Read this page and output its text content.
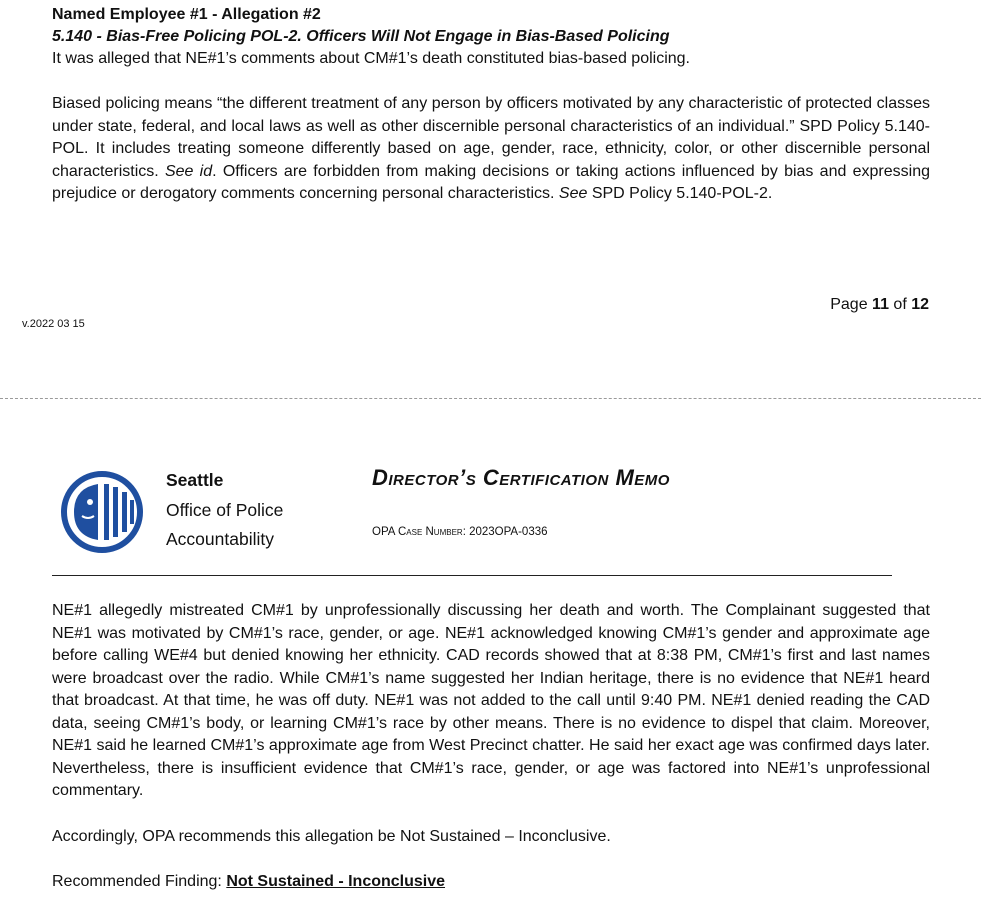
Named Employee #1 - Allegation #2
5.140 - Bias-Free Policing POL-2. Officers Will Not Engage in Bias-Based Policing
It was alleged that NE#1’s comments about CM#1’s death constituted bias-based policing.
Biased policing means “the different treatment of any person by officers motivated by any characteristic of protected classes under state, federal, and local laws as well as other discernible personal characteristics of an individual.” SPD Policy 5.140-POL. It includes treating someone differently based on age, gender, race, ethnicity, color, or other discernible personal characteristics. See id. Officers are forbidden from making decisions or taking actions influenced by bias and expressing prejudice or derogatory comments concerning personal characteristics. See SPD Policy 5.140-POL-2.
Page 11 of 12
v.2022 03 15
Seattle
Office of Police
Accountability
Director’s Certification Memo
OPA Case Number: 2023OPA-0336
NE#1 allegedly mistreated CM#1 by unprofessionally discussing her death and worth. The Complainant suggested that NE#1 was motivated by CM#1’s race, gender, or age. NE#1 acknowledged knowing CM#1’s gender and approximate age before calling WE#4 but denied knowing her ethnicity. CAD records showed that at 8:38 PM, CM#1’s first and last names were broadcast over the radio. While CM#1’s name suggested her Indian heritage, there is no evidence that NE#1 heard that broadcast. At that time, he was off duty. NE#1 was not added to the call until 9:40 PM. NE#1 denied reading the CAD data, seeing CM#1’s body, or learning CM#1’s race by other means. There is no evidence to dispel that claim. Moreover, NE#1 said he learned CM#1’s approximate age from West Precinct chatter. He said her exact age was confirmed days later. Nevertheless, there is insufficient evidence that CM#1’s race, gender, or age was factored into NE#1’s unprofessional commentary.
Accordingly, OPA recommends this allegation be Not Sustained – Inconclusive.
Recommended Finding: Not Sustained - Inconclusive
